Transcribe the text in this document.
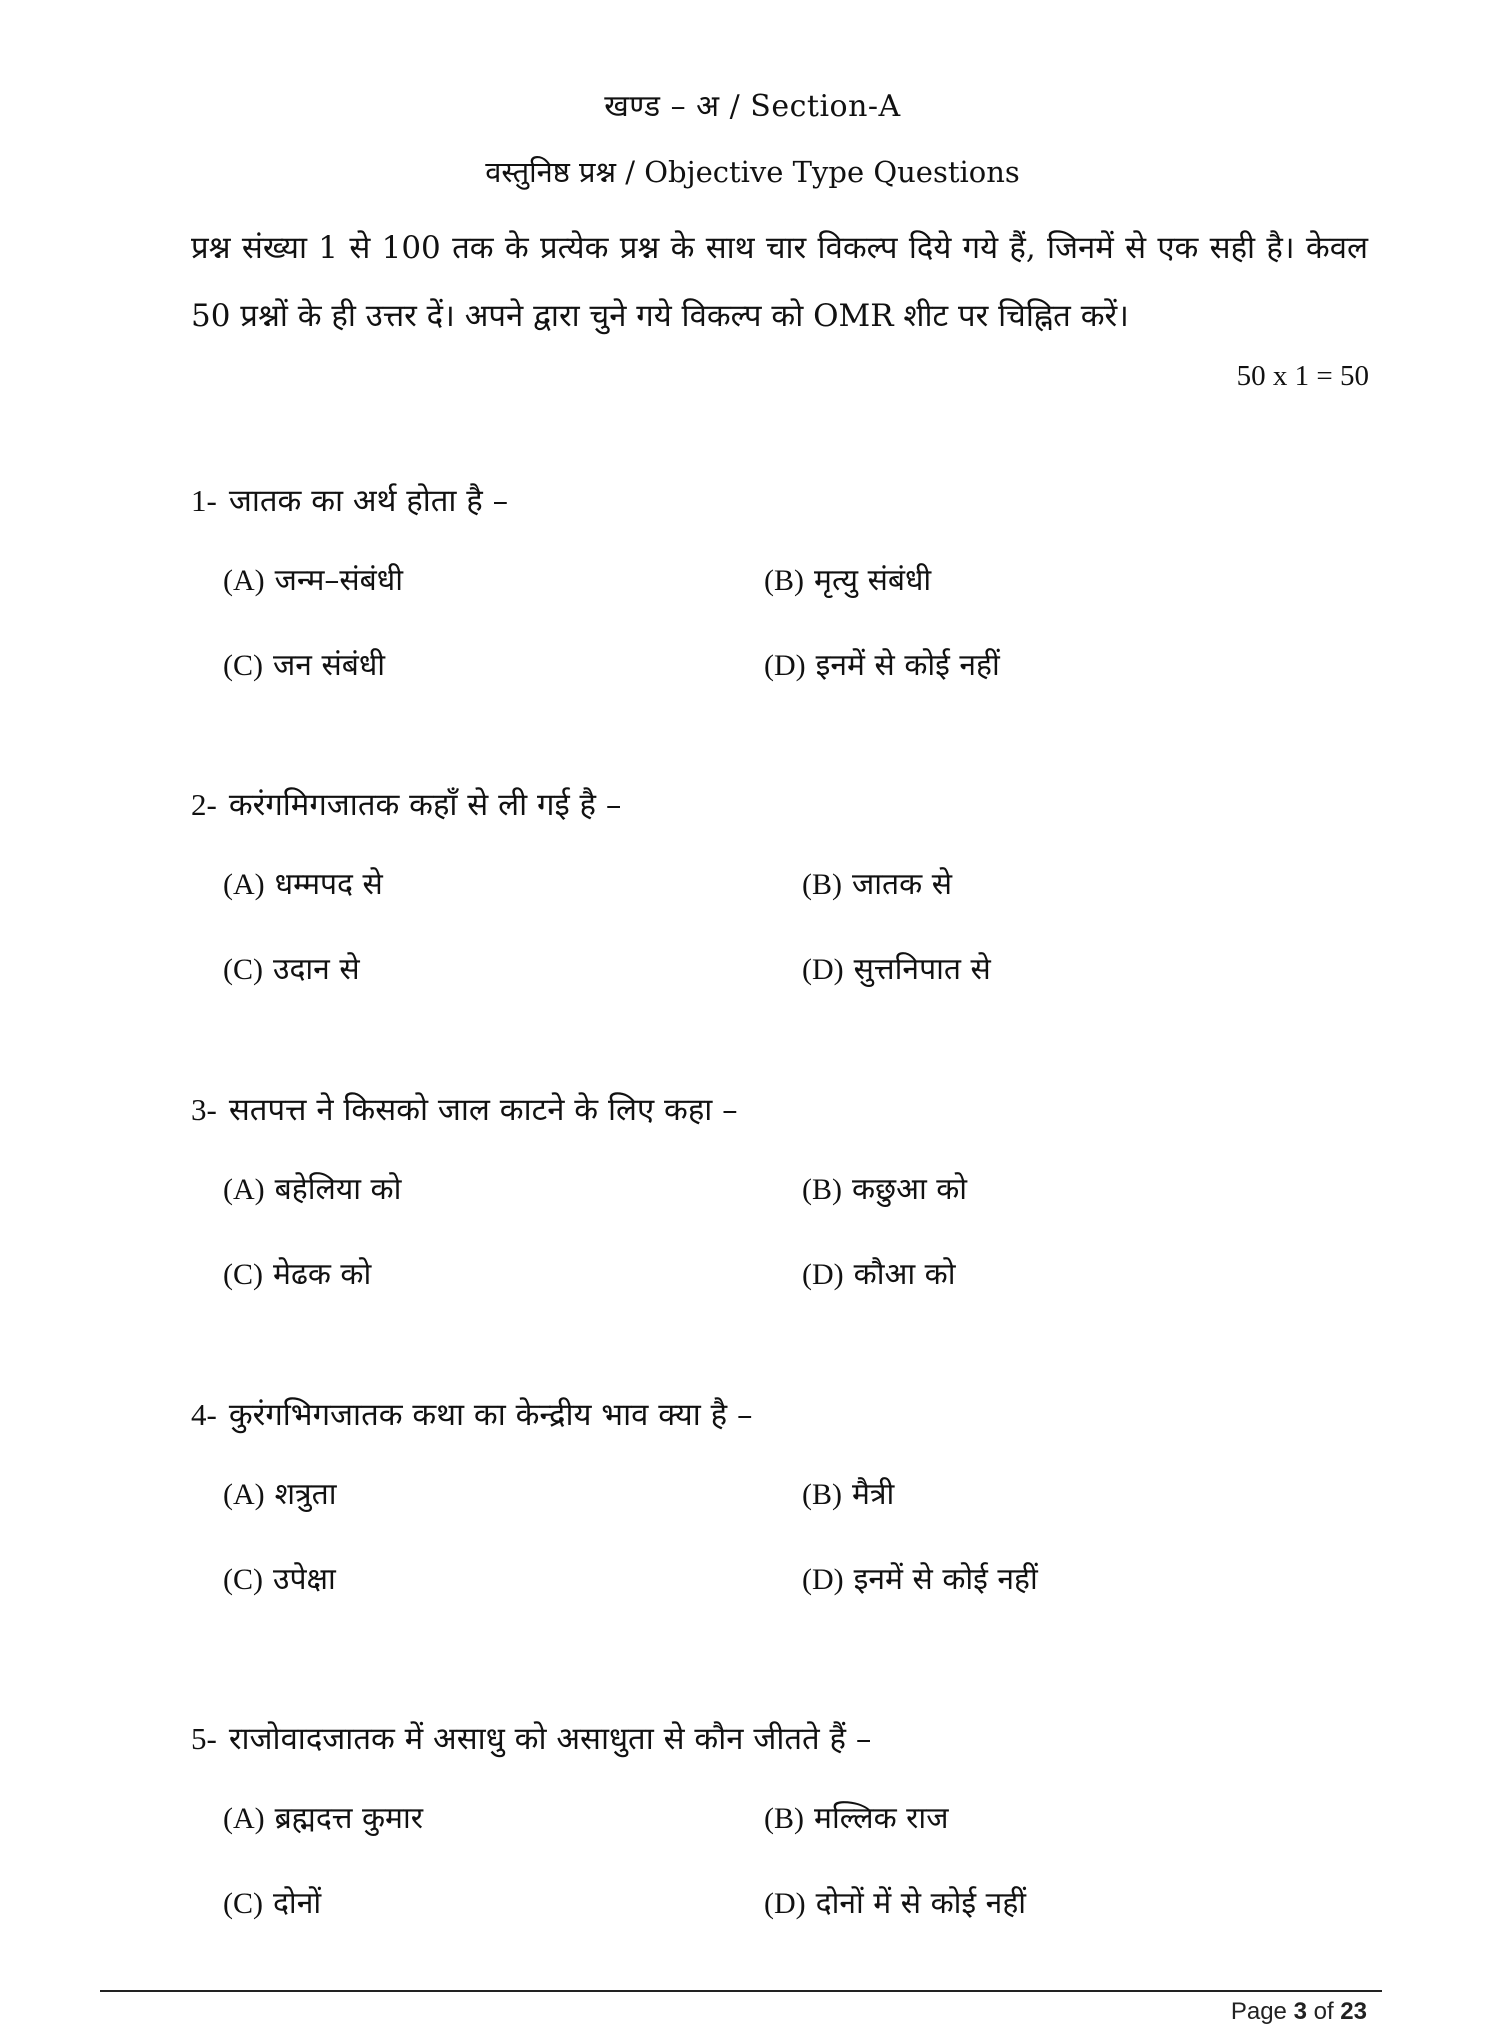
खण्ड – अ / Section-A
वस्तुनिष्ठ प्रश्न / Objective Type Questions
प्रश्न संख्या 1 से 100 तक के प्रत्येक प्रश्न के साथ चार विकल्प दिये गये हैं, जिनमें से एक सही है। केवल 50 प्रश्नों के ही उत्तर दें। अपने द्वारा चुने गये विकल्प को OMR शीट पर चिह्नित करें।
50 x 1 = 50
1- जातक का अर्थ होता है –
(A) जन्म–संबंधी	(B) मृत्यु संबंधी
(C) जन संबंधी	(D) इनमें से कोई नहीं
2- करंगमिगजातक कहाँ से ली गई है –
(A) धम्मपद से	(B) जातक से
(C) उदान से	(D) सुत्तनिपात से
3- सतपत्त ने किसको जाल काटने के लिए कहा –
(A) बहेलिया को	(B) कछुआ को
(C) मेढक को	(D) कौआ को
4- कुरंगभिगजातक कथा का केन्द्रीय भाव क्या है –
(A) शत्रुता	(B) मैत्री
(C) उपेक्षा	(D) इनमें से कोई नहीं
5- राजोवादजातक में असाधु को असाधुता से कौन जीतते हैं –
(A) ब्रह्मदत्त कुमार	(B) मल्लिक राज
(C) दोनों	(D) दोनों में से कोई नहीं
Page 3 of 23
